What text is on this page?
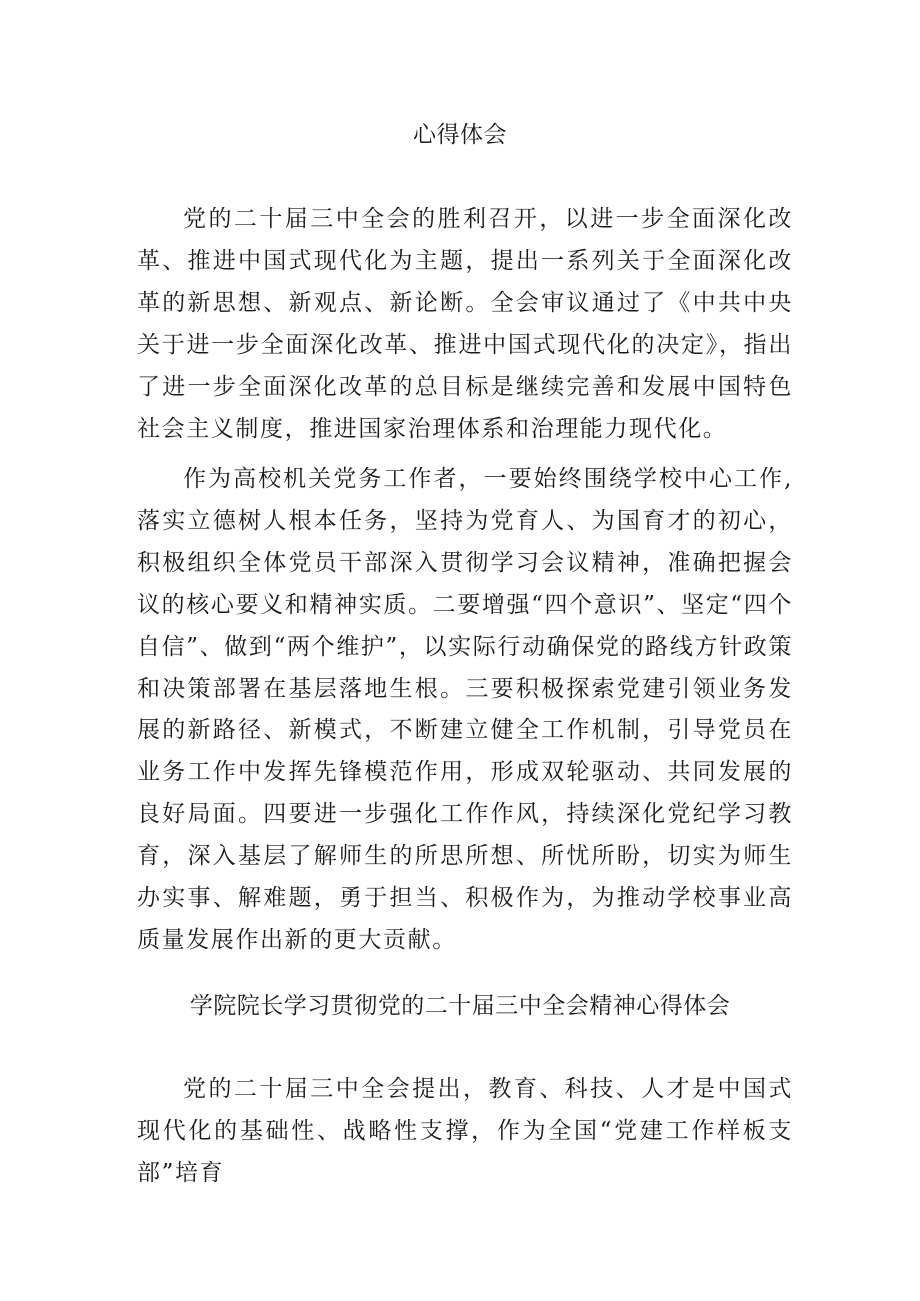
心得体会

党的二十届三中全会的胜利召开，以进一步全面深化改革、推进中国式现代化为主题，提出一系列关于全面深化改革的新思想、新观点、新论断。全会审议通过了《中共中央关于进一步全面深化改革、推进中国式现代化的决定》，指出了进一步全面深化改革的总目标是继续完善和发展中国特色社会主义制度，推进国家治理体系和治理能力现代化。

作为高校机关党务工作者，一要始终围绕学校中心工作,落实立德树人根本任务，坚持为党育人、为国育才的初心，积极组织全体党员干部深入贯彻学习会议精神，准确把握会议的核心要义和精神实质。二要增强“四个意识”、坚定“四个自信”、做到“两个维护”，以实际行动确保党的路线方针政策和决策部署在基层落地生根。三要积极探索党建引领业务发展的新路径、新模式，不断建立健全工作机制，引导党员在业务工作中发挥先锋模范作用，形成双轮驱动、共同发展的良好局面。四要进一步强化工作作风，持续深化党纪学习教育，深入基层了解师生的所思所想、所忧所盼，切实为师生办实事、解难题，勇于担当、积极作为，为推动学校事业高质量发展作出新的更大贡献。

学院院长学习贯彻党的二十届三中全会精神心得体会

党的二十届三中全会提出，教育、科技、人才是中国式现代化的基础性、战略性支撑，作为全国“党建工作样板支部”培育
